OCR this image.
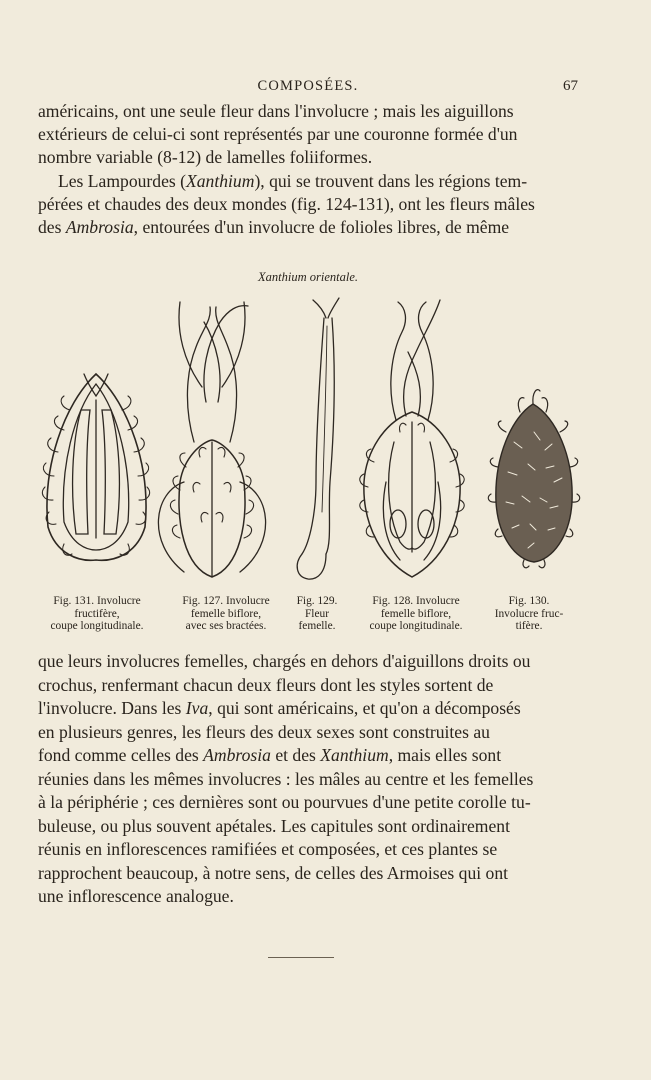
COMPOSÉES.	67

américains, ont une seule fleur dans l'involucre ; mais les aiguillons
extérieurs de celui-ci sont représentés par une couronne formée d'un
nombre variable (8-12) de lamelles foliiformes.
Les Lampourdes (Xanthium), qui se trouvent dans les régions tem-
pérées et chaudes des deux mondes (fig. 124-131), ont les fleurs mâles
des Ambrosia, entourées d'un involucre de folioles libres, de même

Xanthium orientale.
Fig. 131. Involucre
fructifère,
coupe longitudinale.
Fig. 127. Involucre
femelle biflore,
avec ses bractées.
Fig. 129.
Fleur
femelle.
Fig. 128. Involucre
femelle biflore,
coupe longitudinale.
Fig. 130.
Involucre fruc-
tifère.

que leurs involucres femelles, chargés en dehors d'aiguillons droits ou
crochus, renfermant chacun deux fleurs dont les styles sortent de
l'involucre. Dans les Iva, qui sont américains, et qu'on a décomposés
en plusieurs genres, les fleurs des deux sexes sont construites au
fond comme celles des Ambrosia et des Xanthium, mais elles sont
réunies dans les mêmes involucres : les mâles au centre et les femelles
à la périphérie ; ces dernières sont ou pourvues d'une petite corolle tu-
buleuse, ou plus souvent apétales. Les capitules sont ordinairement
réunis en inflorescences ramifiées et composées, et ces plantes se
rapprochent beaucoup, à notre sens, de celles des Armoises qui ont
une inflorescence analogue.
